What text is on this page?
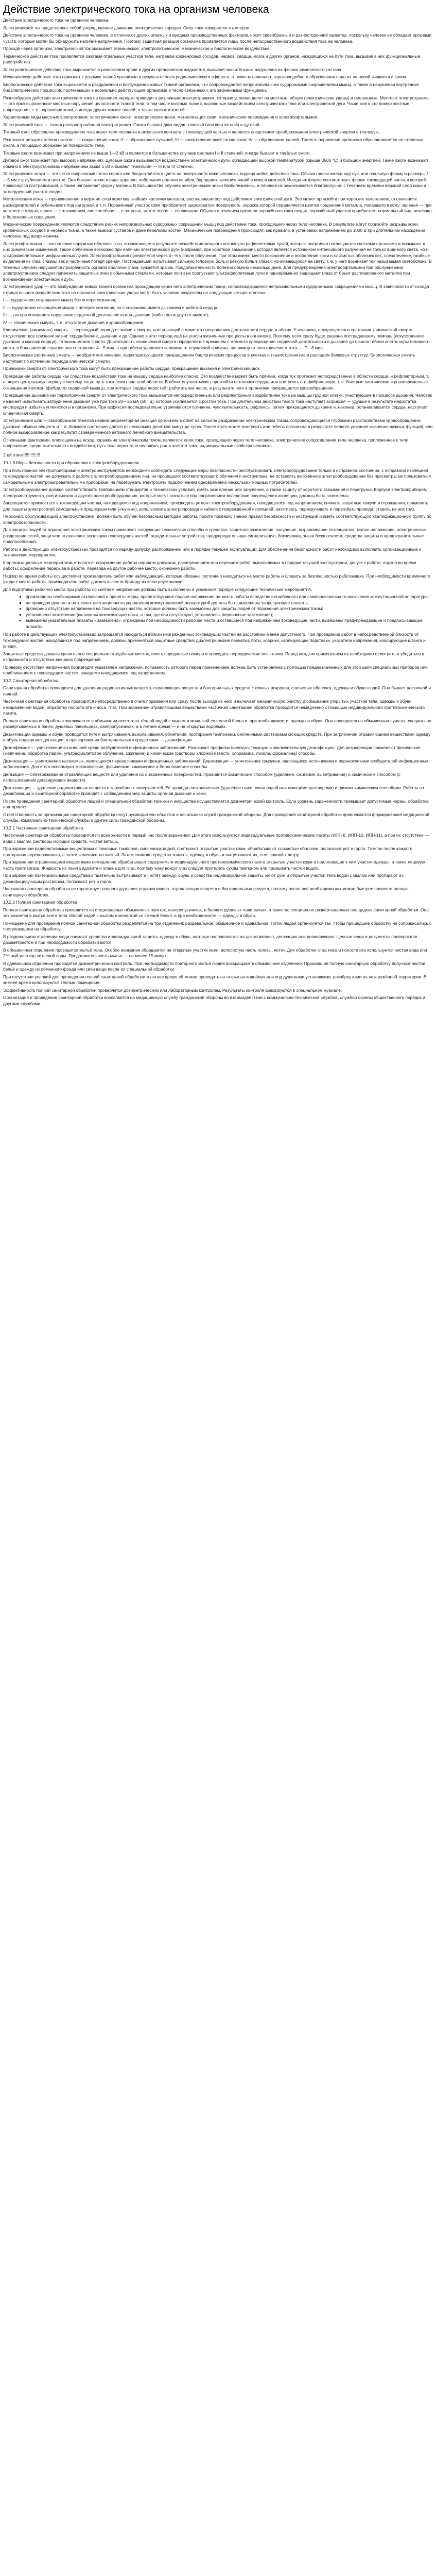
Действие электрического тока на организм человека

Действие электрического тока на организм человека.

Электрический ток представляет собой упорядоченное движение электрических зарядов. Сила тока измеряется в амперах.

Действие электрического тока на организм человека, в отличие от других опасных и вредных производственных факторов, носит своеобразный и разносторонний характер, поскольку человек не обладает органами чувств, которые могли бы обнаружить наличие напряжения. Поэтому защитная реакция организма проявляется лишь после непосредственного воздействия тока на человека.

Проходя через организм, электрический ток оказывает термическое, электролитическое, механическое и биологическое воздействие.

Термическое действие тока проявляется ожогами отдельных участков тела, нагревом кровеносных сосудов, нервов, сердца, мозга и других органов, находящихся на пути тока, вызывая в них функциональные расстройства.

Электролитическое действие тока выражается в разложении крови и других органических жидкостей, вызывая значительные нарушения их физико-химического состава.

Механическое действие тока приводит к разрыву тканей организма в результате электродинамического эффекта, а также мгновенного взрывоподобного образования пара из тканевой жидкости и крови.

Биологическое действие тока выражается в раздражении и возбуждении живых тканей организма, что сопровождается непроизвольными судорожными сокращениями мышц, а также в нарушении внутренних биоэлектрических процессов, протекающих в нормально действующем организме и тесно связанных с его жизненными функциями.

Разнообразие действия электрического тока на организм нередко приводит к различным электротравмам, которые условно делят на местные, общие (электрические удары) и смешанные. Местные электротравмы — это ярко выраженные местные нарушения целостности тканей тела, в том числе костных тканей, вызванные воздействием электрического тока или электрической дуги. Чаще всего это поверхностные повреждения, т. е. поражения кожи, а иногда других мягких тканей, а также связок и костей.

Характерные виды местных электротравм: электрические ожоги, электрические знаки, металлизация кожи, механические повреждения и электроофтальмия.

Электрический ожог — самая распространённая электротравма. Ожоги бывают двух видов: токовый (или контактный) и дуговой.

Токовый ожог обусловлен прохождением тока через тело человека в результате контакта с токоведущей частью и является следствием преобразования электрической энергии в тепловую.

Различают четыре степени ожогов: I — покраснение кожи; II — образование пузырей; III — омертвление всей толщи кожи; IV — обугливание тканей. Тяжесть поражения организма обуславливается не степенью ожога, а площадью обожжённой поверхности тела.

Токовые ожоги возникают при напряжениях не выше 1—2 кВ и являются в большинстве случаев ожогами I и II степеней; иногда бывают и тяжёлые ожоги.

Дуговой ожог возникает при высоких напряжениях. Дуговые ожоги вызываются воздействием электрической дуги, обладающей высокой температурой (свыше 3500 °C) и большой энергией. Такие ожоги возникают обычно в электроустановках напряжением выше 1 кВ и бывают тяжёлыми — III или IV степени.

Электрические знаки — это чётко очерченные пятна серого или бледно-жёлтого цвета на поверхности кожи человека, подвергшейся действию тока. Обычно знаки имеют круглую или овальную форму и размеры 1—5 мм с углублением в центре. Они бывают также в виде царапин, небольших ран или ушибов, бородавок, кровоизлияний в кожу и мозолей. Иногда их форма соответствует форме токоведущей части, к которой прикоснулся пострадавший, а также напоминает форму молнии. В большинстве случаев электрические знаки безболезненны, и лечение их заканчивается благополучно: с течением времени верхний слой кожи и затвердевший участок сходят.

Металлизация кожи — проникновение в верхние слои кожи мельчайших частичек металла, расплавившегося под действием электрической дуги. Это может произойти при коротких замыканиях, отключениях разъединителей и рубильников под нагрузкой и т. п. Поражённый участок кожи приобретает шероховатую поверхность, окраска которой определяется цветом соединений металла, попавшего в кожу: зелёная — при контакте с медью, серая — с алюминием, сине-зелёная — с латунью, жёлто-серая — со свинцом. Обычно с течением времени поражённая кожа сходит, поражённый участок приобретает нормальный вид, исчезают и болезненные ощущения.

Механические повреждения являются следствием резких непроизвольных судорожных сокращений мышц под действием тока, проходящего через тело человека. В результате могут произойти разрывы кожи, кровеносных сосудов и нервной ткани, а также вывихи суставов и даже переломы костей. Механические повреждения происходят, как правило, в установках напряжением до 1000 В при длительном нахождении человека под напряжением.

Электроофтальмия — воспаление наружных оболочек глаз, возникающее в результате воздействия мощного потока ультрафиолетовых лучей, которые энергично поглощаются клетками организма и вызывают в них химические изменения. Такое облучение возможно при наличии электрической дуги (например, при коротком замыкании), которая является источником интенсивного излучения не только видимого света, но и ультрафиолетовых и инфракрасных лучей. Электроофтальмия проявляется через 4—8 ч после облучения. При этом имеют место покраснение и воспаление кожи и слизистых оболочек век, слезотечение, гнойные выделения из глаз, спазмы век и частичная потеря зрения. Пострадавший испытывает сильную головную боль и резкую боль в глазах, усиливающуюся на свету, т. е. у него возникает так называемая светобоязнь. В тяжёлых случаях нарушается прозрачность роговой оболочки глаза, сужается зрачок. Продолжительность болезни обычно несколько дней. Для предупреждения электроофтальмии при обслуживании электроустановок следует применять защитные очки с обычными стёклами, которые почти не пропускают ультрафиолетовые лучи и одновременно защищают глаза от брызг расплавленного металла при возникновении электрической дуги.

Электрический удар — это возбуждение живых тканей организма проходящим через него электрическим током, сопровождающееся непроизвольными судорожными сокращениями мышц. В зависимости от исхода отрицательного воздействия тока на организм электрические удары могут быть условно разделены на следующие четыре степени:

I — судорожное сокращение мышц без потери сознания;

II — судорожное сокращение мышц с потерей сознания, но с сохранившимися дыханием и работой сердца;

III — потеря сознания и нарушение сердечной деятельности или дыхания (либо того и другого вместе);

IV — клиническая смерть, т. е. отсутствие дыхания и кровообращения.

Клиническая («мнимая») смерть — переходный период от жизни к смерти, наступающий с момента прекращения деятельности сердца и лёгких. У человека, находящегося в состоянии клинической смерти, отсутствуют все признаки жизни: сердцебиение, дыхание и др. Однако в этот период ещё не угасли жизненные процессы в организме. Поэтому, если сразу будет оказана пострадавшему помощь (искусственное дыхание и массаж сердца), то жизнь можно спасти. Длительность клинической смерти определяется временем с момента прекращения сердечной деятельности и дыхания до начала гибели клеток коры головного мозга; в большинстве случаев она составляет 4—5 мин, а при гибели здорового человека от случайной причины, например от электрического тока, — 7—8 мин.

Биологическая (истинная) смерть — необратимое явление, характеризующееся прекращением биологических процессов в клетках и тканях организма и распадом белковых структур. Биологическая смерть наступает по истечении периода клинической смерти.

Причинами смерти от электрического тока могут быть прекращение работы сердца, прекращение дыхания и электрический шок.

Прекращение работы сердца как следствие воздействия тока на мышцу сердца наиболее опасно. Это воздействие может быть прямым, когда ток протекает непосредственно в области сердца, и рефлекторным, т. е. через центральную нервную систему, когда путь тока лежит вне этой области. В обоих случаях может произойти остановка сердца или наступить его фибрилляция, т. е. быстрые хаотические и разновременные сокращения волокон (фибрилл) сердечной мышцы, при которых сердце перестаёт работать как насос, в результате чего в организме прекращается кровообращение.

Прекращение дыхания как первопричина смерти от электрического тока вызывается непосредственным или рефлекторным воздействием тока на мышцы грудной клетки, участвующие в процессе дыхания. Человек начинает испытывать затруднение дыхания уже при токе 20—25 мА (50 Гц), которое усиливается с ростом тока. При длительном действии такого тока наступает асфиксия — удушье в результате недостатка кислорода и избытка углекислоты в организме. При асфиксии последовательно утрачиваются сознание, чувствительность, рефлексы, затем прекращается дыхание и, наконец, останавливается сердце, наступает клиническая смерть.

Электрический шок — своеобразная тяжёлая нервно-рефлекторная реакция организма в ответ на сильное раздражение электрическим током, сопровождающаяся глубокими расстройствами кровообращения, дыхания, обмена веществ и т. п. Шоковое состояние длится от нескольких десятков минут до суток. После этого может наступить или гибель организма в результате полного угасания жизненно важных функций, или полное выздоровление как результат своевременного активного лечебного вмешательства.

Основными факторами, влияющими на исход поражения электрическим током, являются: сила тока, проходящего через тело человека; электрическое сопротивление тела человека; приложенное к телу напряжение; продолжительность воздействия; путь тока через тело человека; род и частота тока; индивидуальные свойства человека.

2-ой ответ!!!!!!!!!!!!!!

10.1.8 Меры безопасности при обращении с электрооборудованием

При пользовании электроприборами и электроинструментом необходимо соблюдать следующие меры безопасности: эксплуатировать электрооборудование только в исправном состоянии, с исправной изоляцией токоведущих частей; не допускать к работе с электрооборудованием лиц, не прошедших соответствующего обучения и инструктажа; не оставлять включённое электрооборудование без присмотра; не пользоваться самодельными электронагревательными приборами; не перегружать электросеть подключением одновременно нескольких мощных потребителей.

Электрооборудование должно соответствовать требованиям стандартов и технических условий, иметь заземление или зануление, а также защиту от короткого замыкания и перегрузки. Корпуса электроприборов, электроинструмента, светильников и другого электрооборудования, которые могут оказаться под напряжением вследствие повреждения изоляции, должны быть заземлены.

Запрещается прикасаться к токоведущим частям, находящимся под напряжением; производить ремонт электрооборудования, находящегося под напряжением; снимать защитные кожухи и ограждения; применять для защиты электросетей самодельные предохранители («жучки»); использовать электропровода и кабели с повреждённой изоляцией; натягивать, перекручивать и перегибать провода; ставить на них груз.

Персонал, обслуживающий электроустановки, должен быть обучен безопасным методам работы, пройти проверку знаний правил безопасности и инструкций и иметь соответствующую квалификационную группу по электробезопасности.

Для защиты людей от поражения электрическим током применяют следующие технические способы и средства: защитное заземление, зануление, выравнивание потенциалов, малое напряжение, электрическое разделение сетей, защитное отключение, изоляцию токоведущих частей, оградительные устройства, предупредительную сигнализацию, блокировки, знаки безопасности, средства защиты и предохранительные приспособления.

Работы в действующих электроустановках проводятся по наряду-допуску, распоряжению или в порядке текущей эксплуатации. Для обеспечения безопасности работ необходимо выполнять организационные и технические мероприятия.

К организационным мероприятиям относятся: оформление работы нарядом-допуском, распоряжением или перечнем работ, выполняемых в порядке текущей эксплуатации; допуск к работе; надзор во время работы; оформление перерыва в работе, перевода на другое рабочее место, окончания работы.

Надзор во время работы осуществляет производитель работ или наблюдающий, которые обязаны постоянно находиться на месте работы и следить за безопасностью работающих. При необходимости временного ухода с места работы производитель работ должен вывести бригаду из электроустановки.

Для подготовки рабочего места при работах со снятием напряжения должны быть выполнены в указанном порядке следующие технические мероприятия:

▪ произведены необходимые отключения и приняты меры, препятствующие подаче напряжения на место работы вследствие ошибочного или самопроизвольного включения коммутационной аппаратуры;
▪ на приводах ручного и на ключах дистанционного управления коммутационной аппаратурой должны быть вывешены запрещающие плакаты;
▪ проверено отсутствие напряжения на токоведущих частях, которые должны быть заземлены для защиты людей от поражения электрическим током;
▪ установлено заземление (включены заземляющие ножи, а там, где они отсутствуют, установлены переносные заземления);
▪ вывешены указательные плакаты «Заземлено», ограждены при необходимости рабочие места и оставшиеся под напряжением токоведущие части, вывешены предупреждающие и предписывающие плакаты.

При работе в действующих электроустановках запрещается находиться вблизи неогражденных токоведущих частей на расстоянии менее допустимого. При проведении работ в непосредственной близости от токоведущих частей, находящихся под напряжением, должны применяться защитные средства: диэлектрические перчатки, боты, коврики, изолирующие подставки, указатели напряжения, изолирующие штанги и клещи.

Защитные средства должны храниться в специально отведённых местах, иметь порядковые номера и проходить периодические испытания. Перед каждым применением их необходимо осмотреть и убедиться в исправности и отсутствии внешних повреждений.

Проверку отсутствия напряжения производят указателем напряжения, исправность которого перед применением должна быть установлена с помощью предназначенных для этой цели специальных приборов или приближением к токоведущим частям, заведомо находящимся под напряжением.

10.2 Санитарная обработка

Санитарная обработка проводится для удаления радиоактивных веществ, отравляющих веществ и бактериальных средств с кожных покровов, слизистых оболочек, одежды и обуви людей. Она бывает частичной и полной.

Частичная санитарная обработка проводится непосредственно в очаге поражения или сразу после выхода из него и включает механическую очистку и обмывание открытых участков тела, одежды и обуви незаражённой водой, обработку полости рта и носа, глаз. При заражении отравляющими веществами частичная санитарная обработка проводится немедленно с помощью индивидуального противохимического пакета.

Полная санитарная обработка заключается в обмывании всего тела тёплой водой с мылом и мочалкой со сменой белья и, при необходимости, одежды и обуви. Она проводится на обмывочных пунктах, специально развёртываемых в банях, душевых павильонах, санпропускниках, а в летнее время — и на открытых водоёмах.

Дезактивация одежды и обуви проводится путём вытряхивания, выколачивания, обметания, протирания тампонами, смоченными растворами моющих средств. При загрязнении отравляющими веществами одежду и обувь подвергают дегазации, а при заражении бактериальными средствами — дезинфекции.

Дезинфекция — уничтожение во внешней среде возбудителей инфекционных заболеваний. Различают профилактическую, текущую и заключительную дезинфекцию. Для дезинфекции применяют физические (кипячение, обработка паром, ультрафиолетовое облучение, сжигание) и химические (растворы хлорной извести, хлорамина, лизола, формалина) способы.

Дезинсекция — уничтожение насекомых, являющихся переносчиками инфекционных заболеваний. Дератизация — уничтожение грызунов, являющихся источниками и переносчиками возбудителей инфекционных заболеваний. Для этого используют механические, физические, химические и биологические способы.

Дегазация — обезвреживание отравляющих веществ или удаление их с заражённых поверхностей. Проводится физическим способом (удаление, сжигание, выветривание) и химическим способом (с использованием дегазирующих веществ).

Дезактивация — удаление радиоактивных веществ с заражённых поверхностей. Её проводят механическим (удаление пыли, смыв водой или моющими растворами) и физико-химическим способами. Работы по дезактивации и санитарной обработке проводят с соблюдением мер защиты органов дыхания и кожи.

После проведения санитарной обработки людей и специальной обработки техники и имущества осуществляется дозиметрический контроль. Если уровень заражённости превышает допустимые нормы, обработка повторяется.

Ответственность за организацию санитарной обработки несут руководители объектов и начальники служб гражданской обороны. Для проведения санитарной обработки привлекаются формирования медицинской службы, коммунально-технической службы и другие силы гражданской обороны.

10.2.1 Частичная санитарная обработка

Частичная санитарная обработка проводится по возможности в первый час после заражения. Для этого используются индивидуальные противохимические пакеты (ИПП-8, ИПП-10, ИПП-11), а при их отсутствии — вода с мылом, растворы моющих средств, чистая ветошь.

При заражении радиоактивными веществами с помощью тампонов, смоченных водой, протирают открытые участки кожи, обрабатывают слизистые оболочки, полоскают рот и горло. Тампон после каждого протирания переворачивают, а затем заменяют на чистый. Затем снимают средства защиты, одежду и обувь и вытряхивают их, стоя спиной к ветру.

При заражении отравляющими веществами немедленно обрабатывают содержимым индивидуального противохимического пакета открытые участки кожи и прилегающие к ним участки одежды, а также лицевую часть противогаза. Жидкость из пакета ядовита и опасна для глаз, поэтому кожу вокруг глаз следует протирать сухим тампоном или промывать чистой водой.

При заражении бактериальными средствами тщательно вытряхивают и чистят одежду, обувь и средства индивидуальной защиты, моют руки и открытые участки тела водой с мылом или протирают их дезинфицирующим раствором, полоскают рот и горло.

Частичная санитарная обработка не гарантирует полного удаления радиоактивных, отравляющих веществ и бактериальных средств, поэтому после неё необходимо как можно быстрее провести полную санитарную обработку.

10.2.2 Полная санитарная обработка

Полная санитарная обработка проводится на стационарных обмывочных пунктах, санпропускниках, в банях и душевых павильонах, а также на специально развёртываемых площадках санитарной обработки. Она заключается в мытье всего тела тёплой водой с мылом и мочалкой со сменой белья, а при необходимости — одежды и обуви.

Помещение для проведения полной санитарной обработки разделяется на три отделения: раздевальное, обмывочное и одевальное. Поток людей организуется так, чтобы прошедшие обработку не соприкасались с поступающими на обработку.

В раздевальном отделении люди снимают средства индивидуальной защиты, одежду и обувь, которые направляются на дезактивацию, дегазацию или дезинфекцию. Ценные вещи и документы проверяются дозиметристом и при необходимости обрабатываются.

В обмывочном отделении проводится мытьё тела. Особое внимание обращается на открытые участки кожи, волосистую часть головы, ногти. Для обработки глаз, носа и полости рта используется чистая вода или 2%-ный раствор питьевой соды. Продолжительность мытья — не менее 15 минут.

В одевальном отделении проводится дозиметрический контроль. При необходимости повторного мытья людей возвращают в обмывочное отделение. Прошедшие полную санитарную обработку получают чистое бельё и одежду из обменного фонда или свои вещи после их специальной обработки.

При отсутствии условий для проведения полной санитарной обработки в летнее время её можно проводить на открытых водоёмах или под душевыми установками, развёрнутыми на незаражённой территории. В зимнее время используются тёплые помещения.

Эффективность полной санитарной обработки проверяется дозиметрическим или лабораторным контролем. Результаты контроля фиксируются в специальном журнале.

Организация и проведение санитарной обработки возлагаются на медицинскую службу гражданской обороны во взаимодействии с коммунально-технической службой, службой охраны общественного порядка и другими службами.
